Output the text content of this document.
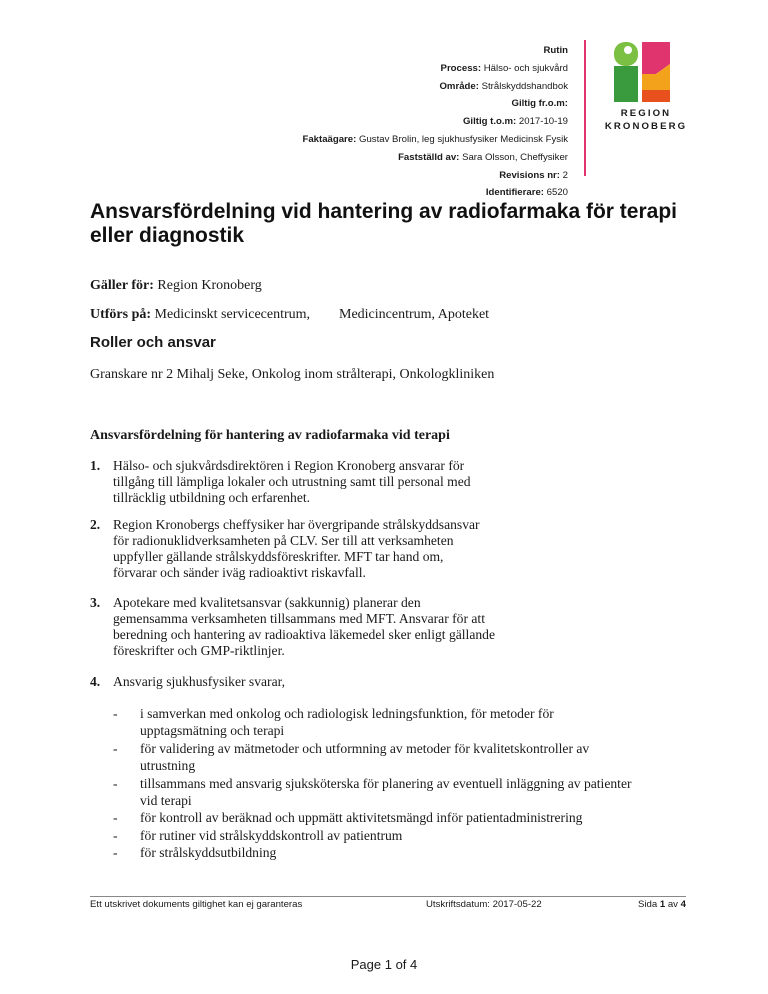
Rutin
Process: Hälso- och sjukvård
Område: Strålskyddshandbok
Giltig fr.o.m:
Giltig t.o.m: 2017-10-19
Faktaägare: Gustav Brolin, leg sjukhusfysiker Medicinsk Fysik
Fastställd av: Sara Olsson, Cheffysiker
Revisions nr: 2
Identifierare: 6520
REGION
KRONOBERG
Ansvarsfördelning vid hantering av radiofarmaka för terapi eller diagnostik

Gäller för: Region Kronoberg

Utförs på: Medicinskt servicecentrum, Medicincentrum, Apoteket

Roller och ansvar

Granskare nr 2 Mihalj Seke, Onkolog inom strålterapi, Onkologkliniken

Ansvarsfördelning för hantering av radiofarmaka vid terapi

1. Hälso- och sjukvårdsdirektören i Region Kronoberg ansvarar för
tillgång till lämpliga lokaler och utrustning samt till personal med
tillräcklig utbildning och erfarenhet.
2. Region Kronobergs cheffysiker har övergripande strålskyddsansvar
för radionuklidverksamheten på CLV. Ser till att verksamheten
uppfyller gällande strålskyddsföreskrifter. MFT tar hand om,
förvarar och sänder iväg radioaktivt riskavfall.
3. Apotekare med kvalitetsansvar (sakkunnig) planerar den
gemensamma verksamheten tillsammans med MFT. Ansvarar för att
beredning och hantering av radioaktiva läkemedel sker enligt gällande
föreskrifter och GMP-riktlinjer.
4. Ansvarig sjukhusfysiker svarar,
- i samverkan med onkolog och radiologisk ledningsfunktion, för metoder för
upptagsmätning och terapi
- för validering av mätmetoder och utformning av metoder för kvalitetskontroller av
utrustning
- tillsammans med ansvarig sjuksköterska för planering av eventuell inläggning av patienter
vid terapi
- för kontroll av beräknad och uppmätt aktivitetsmängd inför patientadministrering
- för rutiner vid strålskyddskontroll av patientrum
- för strålskyddsutbildning
Ett utskrivet dokuments giltighet kan ej garanteras	Utskriftsdatum: 2017-05-22	Sida 1 av 4
Page 1 of 4
